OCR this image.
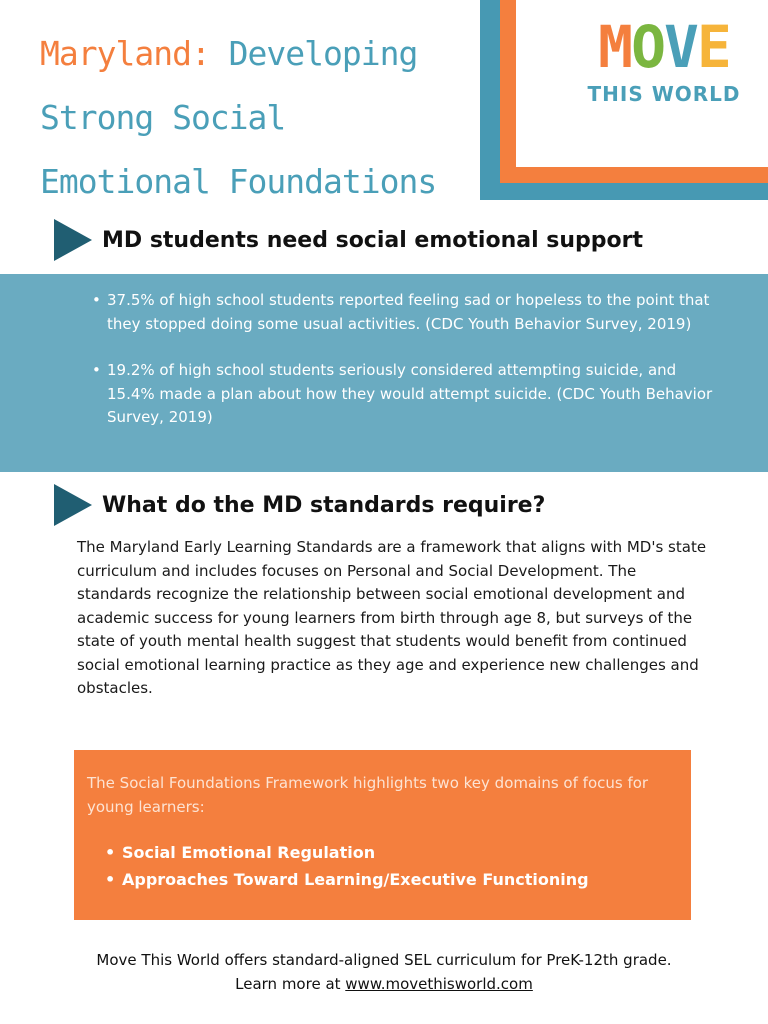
Maryland: Developing
Strong Social
Emotional Foundations
MOVE
THIS WORLD
MD students need social emotional support
• 37.5% of high school students reported feeling sad or hopeless to the point that they stopped doing some usual activities. (CDC Youth Behavior Survey, 2019)
• 19.2% of high school students seriously considered attempting suicide, and 15.4% made a plan about how they would attempt suicide. (CDC Youth Behavior Survey, 2019)
What do the MD standards require?

The Maryland Early Learning Standards are a framework that aligns with MD's state curriculum and includes focuses on Personal and Social Development. The standards recognize the relationship between social emotional development and academic success for young learners from birth through age 8, but surveys of the state of youth mental health suggest that students would benefit from continued social emotional learning practice as they age and experience new challenges and obstacles.

The Social Foundations Framework highlights two key domains of focus for young learners:

• Social Emotional Regulation
• Approaches Toward Learning/Executive Functioning
Move This World offers standard-aligned SEL curriculum for PreK-12th grade.
Learn more at www.movethisworld.com
